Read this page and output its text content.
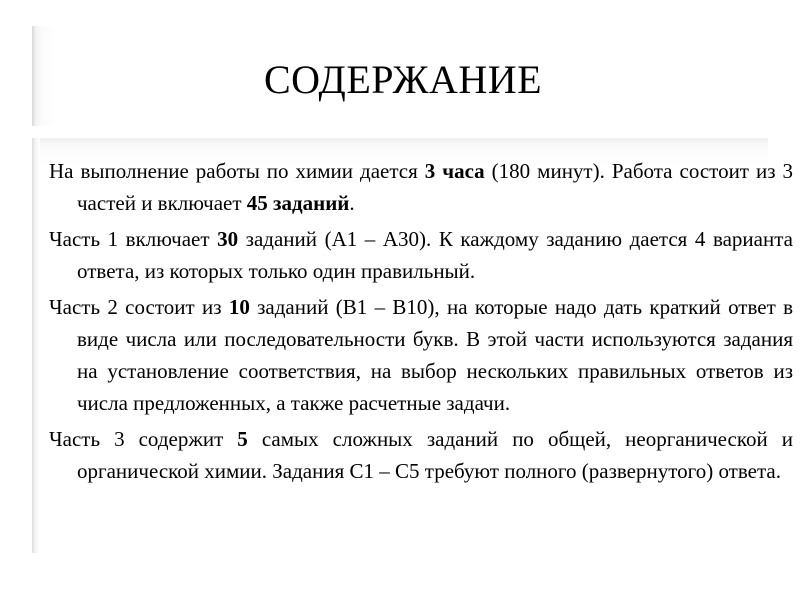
СОДЕРЖАНИЕ

На выполнение работы по химии дается 3 часа (180 минут). Работа состоит из 3 частей и включает 45 заданий.

Часть 1 включает 30 заданий (А1 – А30). К каждому заданию дается 4 варианта ответа, из которых только один правильный.

Часть 2 состоит из 10 заданий (В1 – В10), на которые надо дать краткий ответ в виде числа или последовательности букв. В этой части используются задания на установление соответствия, на выбор нескольких правильных ответов из числа предложенных, а также расчетные задачи.

Часть 3 содержит 5 самых сложных заданий по общей, неорганической и органической химии. Задания С1 – С5 требуют полного (развернутого) ответа.
